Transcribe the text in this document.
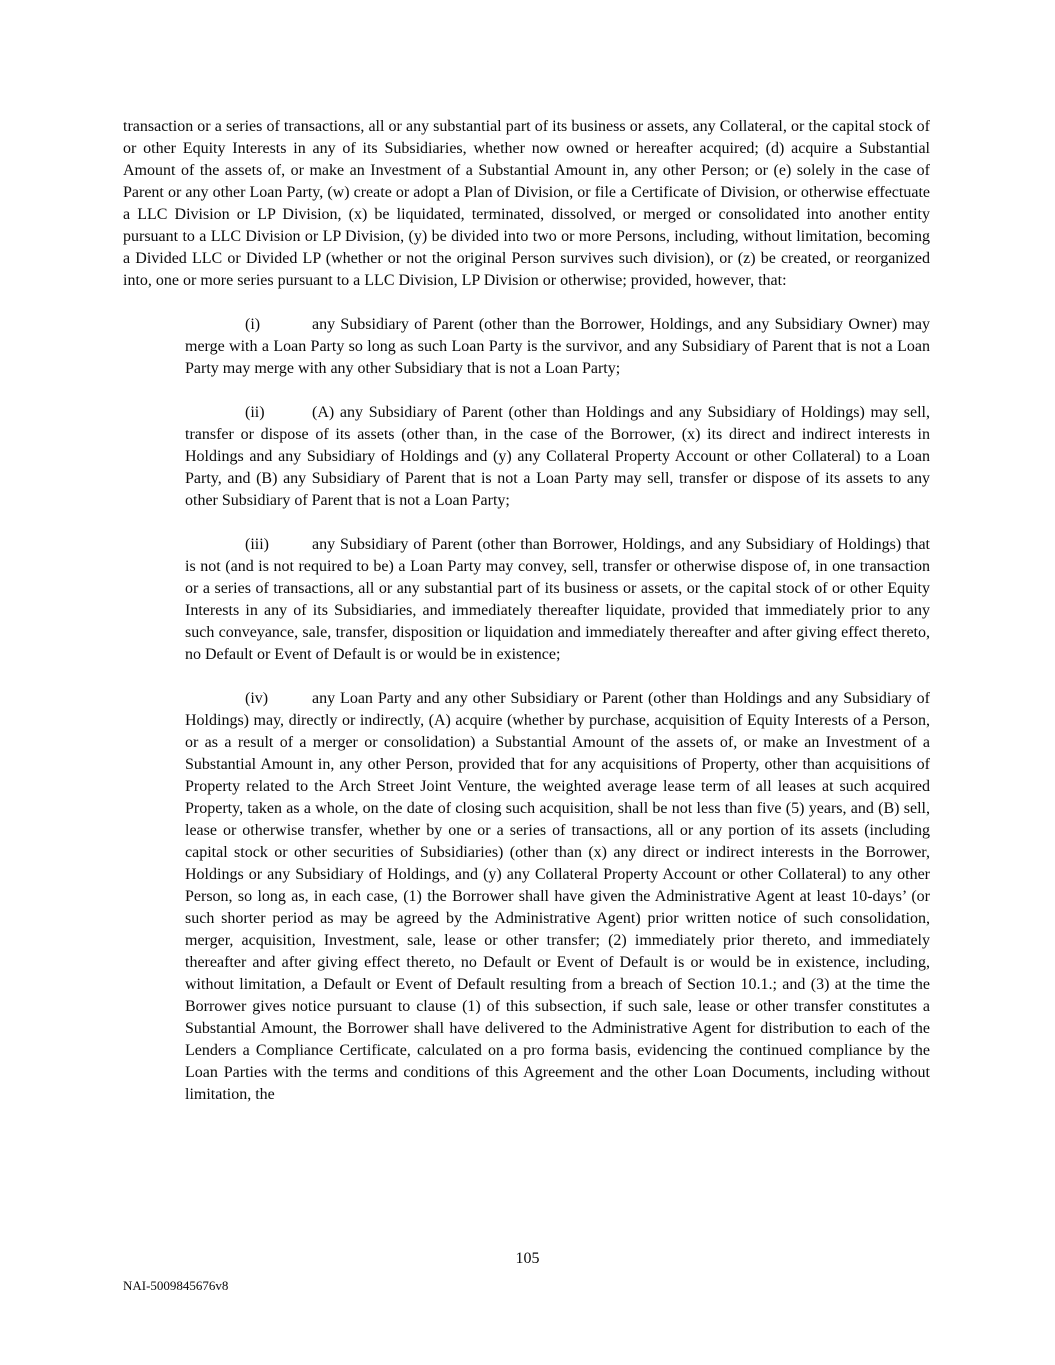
transaction or a series of transactions, all or any substantial part of its business or assets, any Collateral, or the capital stock of or other Equity Interests in any of its Subsidiaries, whether now owned or hereafter acquired; (d) acquire a Substantial Amount of the assets of, or make an Investment of a Substantial Amount in, any other Person; or (e) solely in the case of Parent or any other Loan Party, (w) create or adopt a Plan of Division, or file a Certificate of Division, or otherwise effectuate a LLC Division or LP Division, (x) be liquidated, terminated, dissolved, or merged or consolidated into another entity pursuant to a LLC Division or LP Division, (y) be divided into two or more Persons, including, without limitation, becoming a Divided LLC or Divided LP (whether or not the original Person survives such division), or (z) be created, or reorganized into, one or more series pursuant to a LLC Division, LP Division or otherwise; provided, however, that:

(i)	any Subsidiary of Parent (other than the Borrower, Holdings, and any Subsidiary Owner) may merge with a Loan Party so long as such Loan Party is the survivor, and any Subsidiary of Parent that is not a Loan Party may merge with any other Subsidiary that is not a Loan Party;

(ii)	(A) any Subsidiary of Parent (other than Holdings and any Subsidiary of Holdings) may sell, transfer or dispose of its assets (other than, in the case of the Borrower, (x) its direct and indirect interests in Holdings and any Subsidiary of Holdings and (y) any Collateral Property Account or other Collateral) to a Loan Party, and (B) any Subsidiary of Parent that is not a Loan Party may sell, transfer or dispose of its assets to any other Subsidiary of Parent that is not a Loan Party;

(iii)	any Subsidiary of Parent (other than Borrower, Holdings, and any Subsidiary of Holdings) that is not (and is not required to be) a Loan Party may convey, sell, transfer or otherwise dispose of, in one transaction or a series of transactions, all or any substantial part of its business or assets, or the capital stock of or other Equity Interests in any of its Subsidiaries, and immediately thereafter liquidate, provided that immediately prior to any such conveyance, sale, transfer, disposition or liquidation and immediately thereafter and after giving effect thereto, no Default or Event of Default is or would be in existence;

(iv)	any Loan Party and any other Subsidiary or Parent (other than Holdings and any Subsidiary of Holdings) may, directly or indirectly, (A) acquire (whether by purchase, acquisition of Equity Interests of a Person, or as a result of a merger or consolidation) a Substantial Amount of the assets of, or make an Investment of a Substantial Amount in, any other Person, provided that for any acquisitions of Property, other than acquisitions of Property related to the Arch Street Joint Venture, the weighted average lease term of all leases at such acquired Property, taken as a whole, on the date of closing such acquisition, shall be not less than five (5) years, and (B) sell, lease or otherwise transfer, whether by one or a series of transactions, all or any portion of its assets (including capital stock or other securities of Subsidiaries) (other than (x) any direct or indirect interests in the Borrower, Holdings or any Subsidiary of Holdings, and (y) any Collateral Property Account or other Collateral) to any other Person, so long as, in each case, (1) the Borrower shall have given the Administrative Agent at least 10-days’ (or such shorter period as may be agreed by the Administrative Agent) prior written notice of such consolidation, merger, acquisition, Investment, sale, lease or other transfer; (2) immediately prior thereto, and immediately thereafter and after giving effect thereto, no Default or Event of Default is or would be in existence, including, without limitation, a Default or Event of Default resulting from a breach of Section 10.1.; and (3) at the time the Borrower gives notice pursuant to clause (1) of this subsection, if such sale, lease or other transfer constitutes a Substantial Amount, the Borrower shall have delivered to the Administrative Agent for distribution to each of the Lenders a Compliance Certificate, calculated on a pro forma basis, evidencing the continued compliance by the Loan Parties with the terms and conditions of this Agreement and the other Loan Documents, including without limitation, the

105
NAI-5009845676v8
